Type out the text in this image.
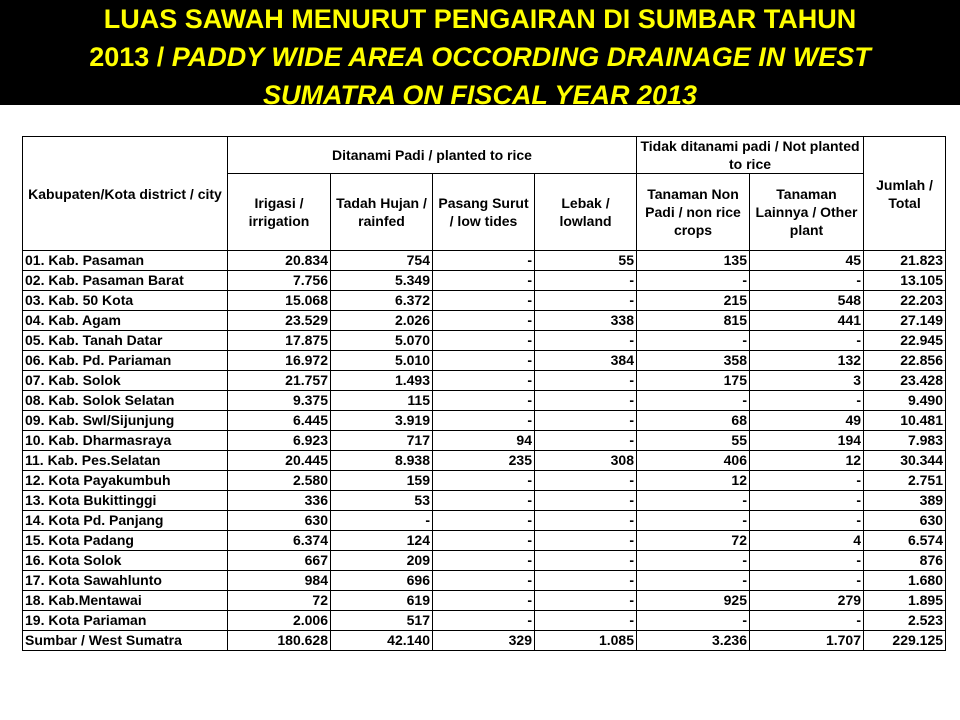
LUAS SAWAH MENURUT PENGAIRAN DI SUMBAR TAHUN
2013 / PADDY WIDE AREA OCCORDING DRAINAGE IN WEST
SUMATRA ON FISCAL YEAR 2013
Kabupaten/Kota district / city	Ditanami Padi / planted to rice				Tidak ditanami padi / Not planted to rice		Jumlah / Total
	Irigasi / irrigation	Tadah Hujan / rainfed	Pasang Surut / low tides	Lebak / lowland	Tanaman Non Padi / non rice crops	Tanaman Lainnya / Other plant	
01. Kab. Pasaman	20.834	754	-	55	135	45	21.823
02. Kab. Pasaman Barat	7.756	5.349	-	-	-	-	13.105
03. Kab. 50 Kota	15.068	6.372	-	-	215	548	22.203
04. Kab. Agam	23.529	2.026	-	338	815	441	27.149
05. Kab. Tanah Datar	17.875	5.070	-	-	-	-	22.945
06. Kab. Pd. Pariaman	16.972	5.010	-	384	358	132	22.856
07. Kab. Solok	21.757	1.493	-	-	175	3	23.428
08. Kab. Solok Selatan	9.375	115	-	-	-	-	9.490
09. Kab. Swl/Sijunjung	6.445	3.919	-	-	68	49	10.481
10. Kab. Dharmasraya	6.923	717	94	-	55	194	7.983
11. Kab. Pes.Selatan	20.445	8.938	235	308	406	12	30.344
12. Kota Payakumbuh	2.580	159	-	-	12	-	2.751
13. Kota Bukittinggi	336	53	-	-	-	-	389
14. Kota Pd. Panjang	630	-	-	-	-	-	630
15. Kota Padang	6.374	124	-	-	72	4	6.574
16. Kota Solok	667	209	-	-	-	-	876
17. Kota Sawahlunto	984	696	-	-	-	-	1.680
18. Kab.Mentawai	72	619	-	-	925	279	1.895
19. Kota Pariaman	2.006	517	-	-	-	-	2.523
Sumbar / West Sumatra	180.628	42.140	329	1.085	3.236	1.707	229.125
